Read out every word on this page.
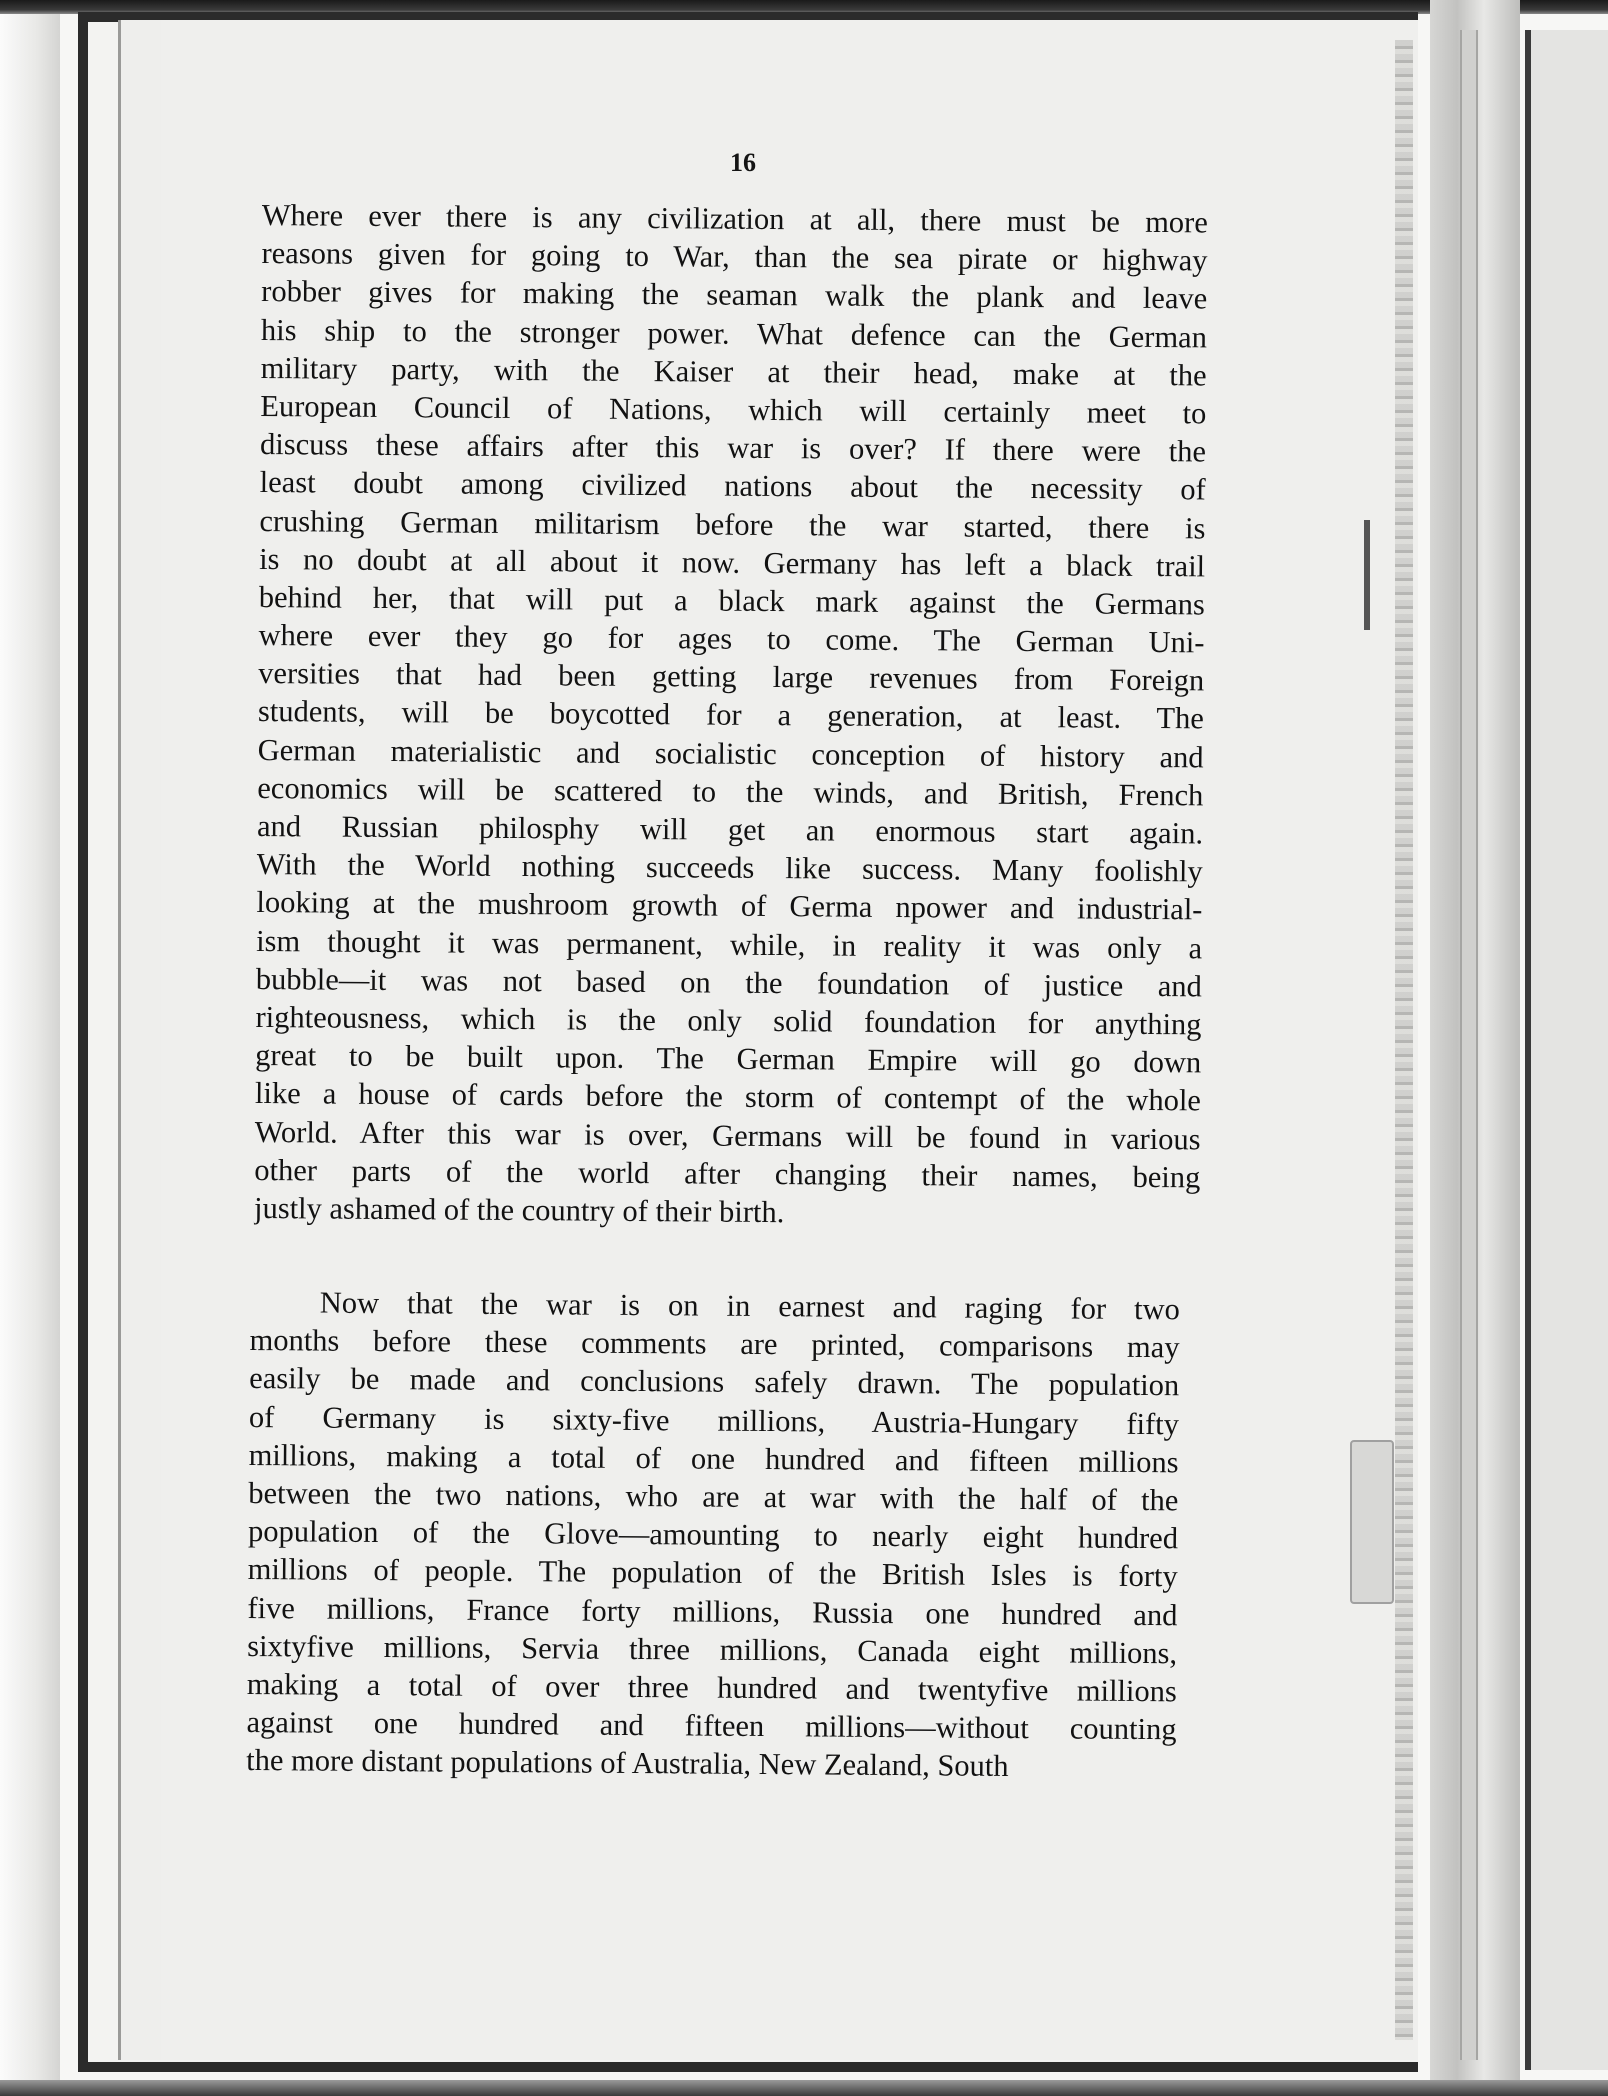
16
Where ever there is any civilization at all, there must be more
reasons given for going to War, than the sea pirate or highway
robber gives for making the seaman walk the plank and leave
his ship to the stronger power. What defence can the German
military party, with the Kaiser at their head, make at the
European Council of Nations, which will certainly meet to
discuss these affairs after this war is over? If there were the
least doubt among civilized nations about the necessity of
crushing German militarism before the war started, there is
is no doubt at all about it now. Germany has left a black trail
behind her, that will put a black mark against the Germans
where ever they go for ages to come. The German Uni-
versities that had been getting large revenues from Foreign
students, will be boycotted for a generation, at least. The
German materialistic and socialistic conception of history and
economics will be scattered to the winds, and British, French
and Russian philosphy will get an enormous start again.
With the World nothing succeeds like success. Many foolishly
looking at the mushroom growth of Germa npower and industrial-
ism thought it was permanent, while, in reality it was only a
bubble—it was not based on the foundation of justice and
righteousness, which is the only solid foundation for anything
great to be built upon. The German Empire will go down
like a house of cards before the storm of contempt of the whole
World. After this war is over, Germans will be found in various
other parts of the world after changing their names, being
justly ashamed of the country of their birth.
Now that the war is on in earnest and raging for two
months before these comments are printed, comparisons may
easily be made and conclusions safely drawn. The population
of Germany is sixty-five millions, Austria-Hungary fifty
millions, making a total of one hundred and fifteen millions
between the two nations, who are at war with the half of the
population of the Glove—amounting to nearly eight hundred
millions of people. The population of the British Isles is forty
five millions, France forty millions, Russia one hundred and
sixtyfive millions, Servia three millions, Canada eight millions,
making a total of over three hundred and twentyfive millions
against one hundred and fifteen millions—without counting
the more distant populations of Australia, New Zealand, South
